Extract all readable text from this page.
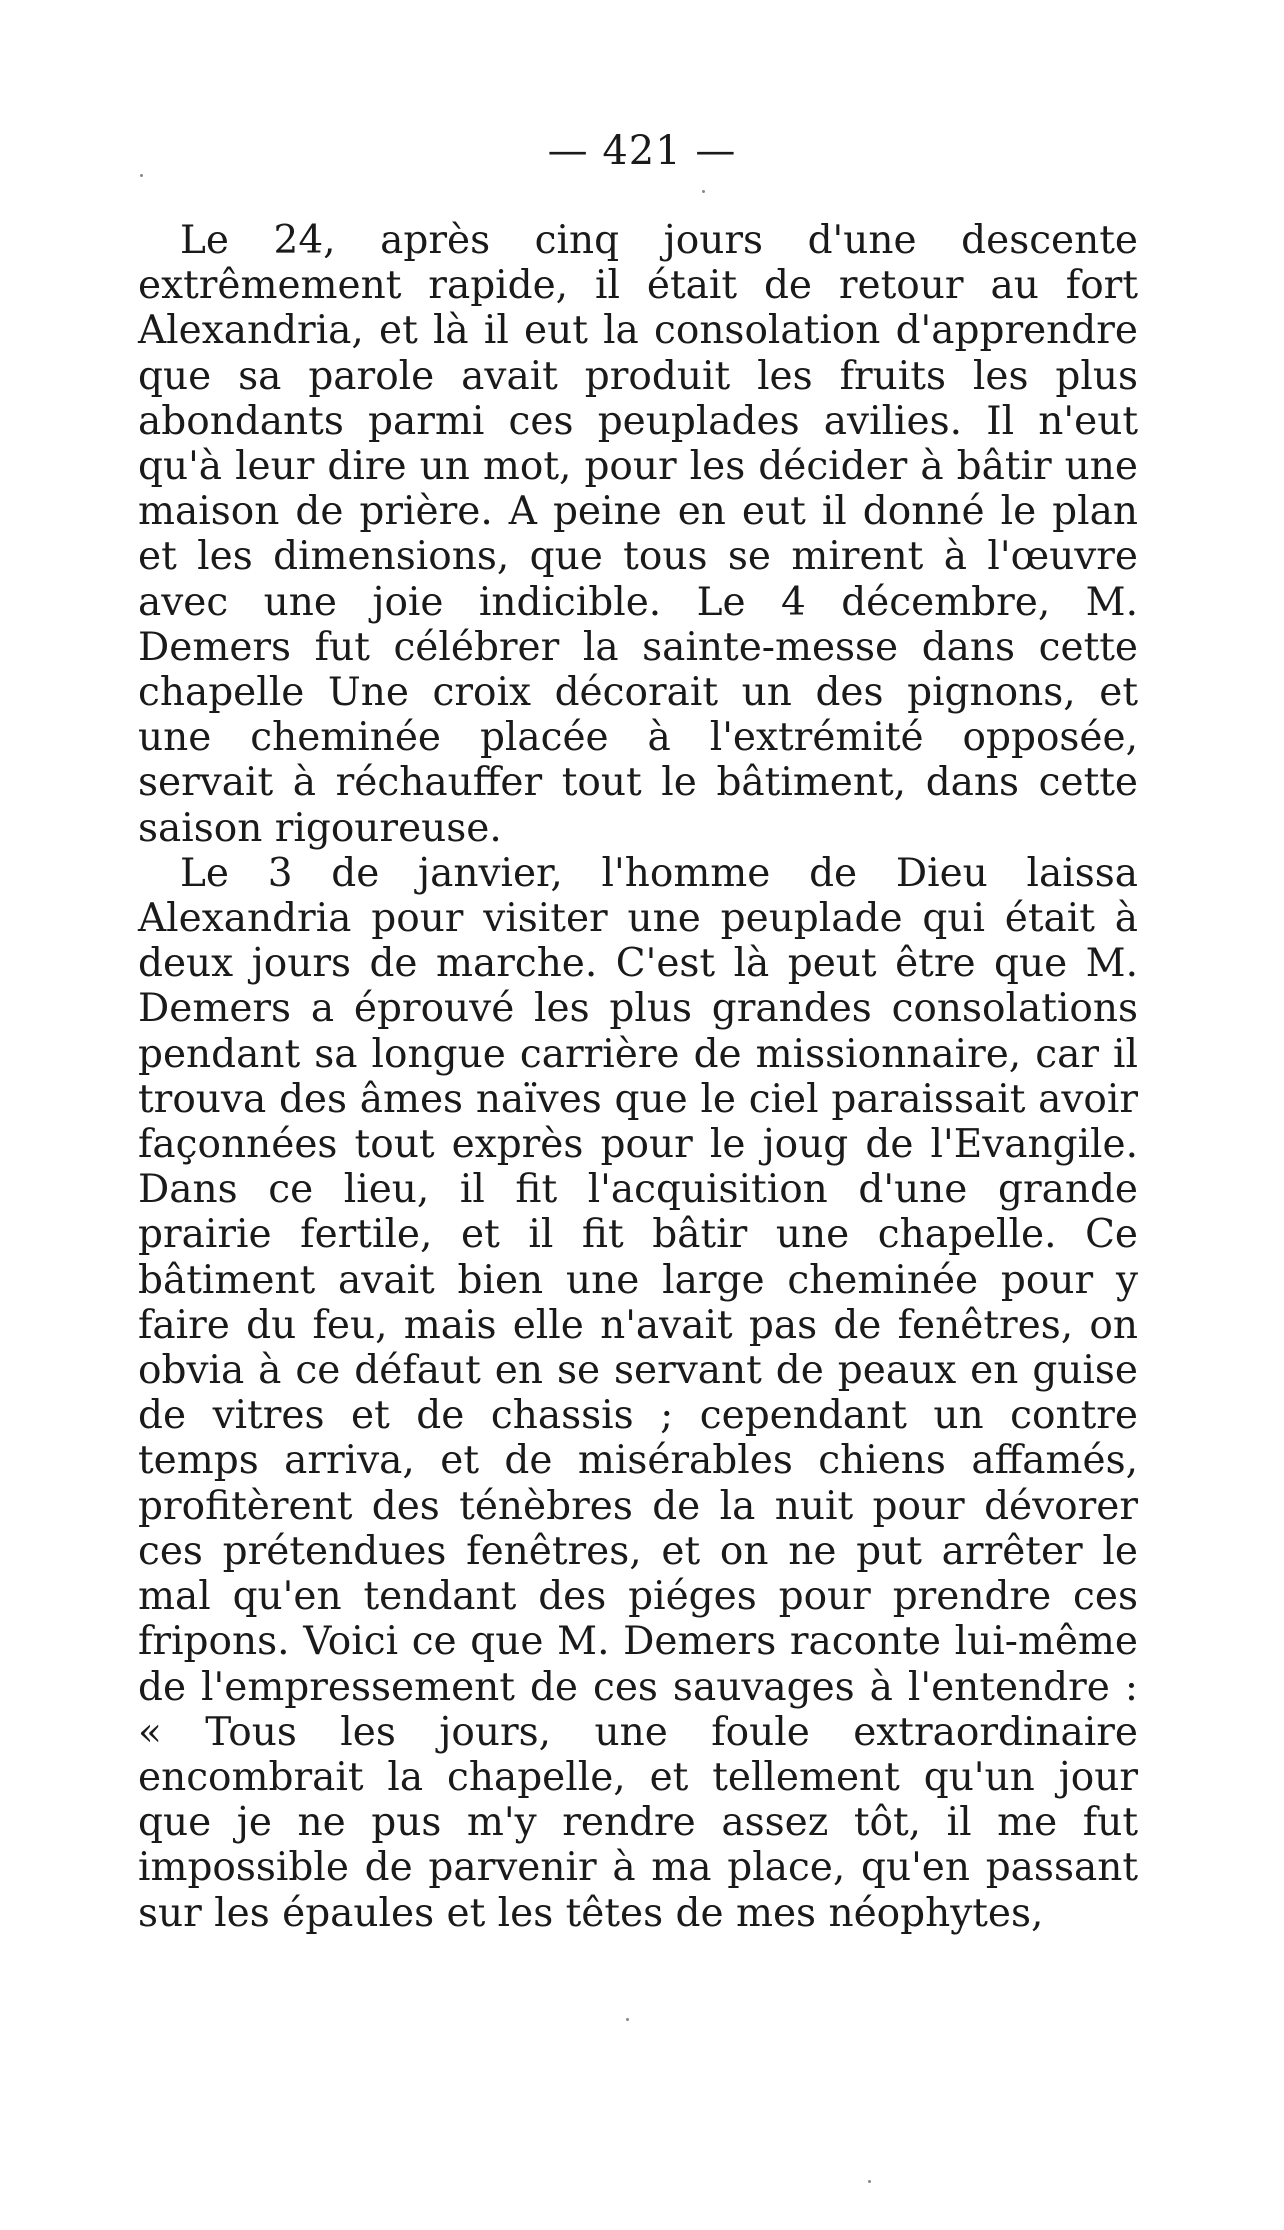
— 421 —

Le 24, après cinq jours d'une descente extrêmement rapide, il était de retour au fort Alexandria, et là il eut la consolation d'apprendre que sa parole avait produit les fruits les plus abondants parmi ces peuplades avilies. Il n'eut qu'à leur dire un mot, pour les décider à bâtir une maison de prière. A peine en eut il donné le plan et les dimensions, que tous se mirent à l'œuvre avec une joie indicible. Le 4 décembre, M. Demers fut célébrer la sainte-messe dans cette chapelle Une croix décorait un des pignons, et une cheminée placée à l'extrémité opposée, servait à réchauffer tout le bâtiment, dans cette saison rigoureuse.

Le 3 de janvier, l'homme de Dieu laissa Alexandria pour visiter une peuplade qui était à deux jours de marche. C'est là peut être que M. Demers a éprouvé les plus grandes consolations pendant sa longue carrière de missionnaire, car il trouva des âmes naïves que le ciel paraissait avoir façonnées tout exprès pour le joug de l'Evangile. Dans ce lieu, il fit l'acquisition d'une grande prairie fertile, et il fit bâtir une chapelle. Ce bâtiment avait bien une large cheminée pour y faire du feu, mais elle n'avait pas de fenêtres, on obvia à ce défaut en se servant de peaux en guise de vitres et de chassis ; cependant un contre temps arriva, et de misérables chiens affamés, profitèrent des ténèbres de la nuit pour dévorer ces prétendues fenêtres, et on ne put arrêter le mal qu'en tendant des piéges pour prendre ces fripons. Voici ce que M. Demers raconte lui-même de l'empressement de ces sauvages à l'entendre : « Tous les jours, une foule extraordinaire encombrait la chapelle, et tellement qu'un jour que je ne pus m'y rendre assez tôt, il me fut impossible de parvenir à ma place, qu'en passant sur les épaules et les têtes de mes néophytes,
